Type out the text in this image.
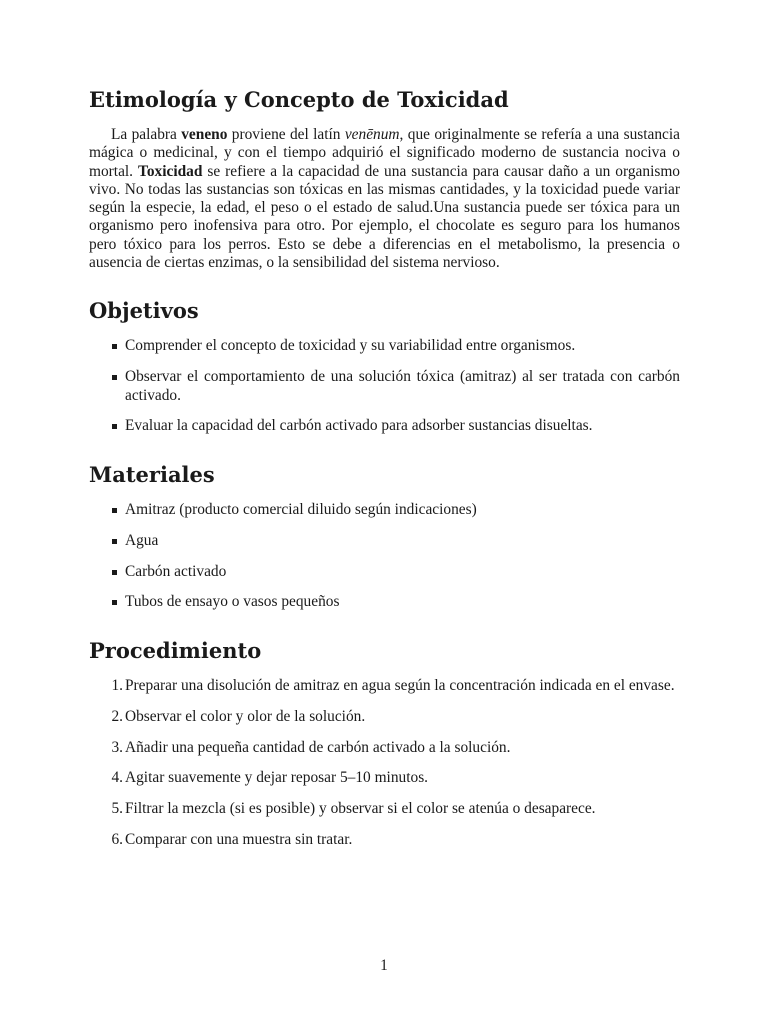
Etimología y Concepto de Toxicidad

La palabra veneno proviene del latín venēnum, que originalmente se refería a una sustancia mágica o medicinal, y con el tiempo adquirió el significado moderno de sustancia nociva o mortal. Toxicidad se refiere a la capacidad de una sustancia para causar daño a un organismo vivo. No todas las sustancias son tóxicas en las mismas cantidades, y la toxicidad puede variar según la especie, la edad, el peso o el estado de salud.Una sustancia puede ser tóxica para un organismo pero inofensiva para otro. Por ejemplo, el chocolate es seguro para los humanos pero tóxico para los perros. Esto se debe a diferencias en el metabolismo, la presencia o ausencia de ciertas enzimas, o la sensibilidad del sistema nervioso.

Objetivos
Comprender el concepto de toxicidad y su variabilidad entre organismos.
Observar el comportamiento de una solución tóxica (amitraz) al ser tratada con carbón activado.
Evaluar la capacidad del carbón activado para adsorber sustancias disueltas.
Materiales
Amitraz (producto comercial diluido según indicaciones)
Agua
Carbón activado
Tubos de ensayo o vasos pequeños
Procedimiento
1. Preparar una disolución de amitraz en agua según la concentración indicada en el envase.
2. Observar el color y olor de la solución.
3. Añadir una pequeña cantidad de carbón activado a la solución.
4. Agitar suavemente y dejar reposar 5–10 minutos.
5. Filtrar la mezcla (si es posible) y observar si el color se atenúa o desaparece.
6. Comparar con una muestra sin tratar.
1
